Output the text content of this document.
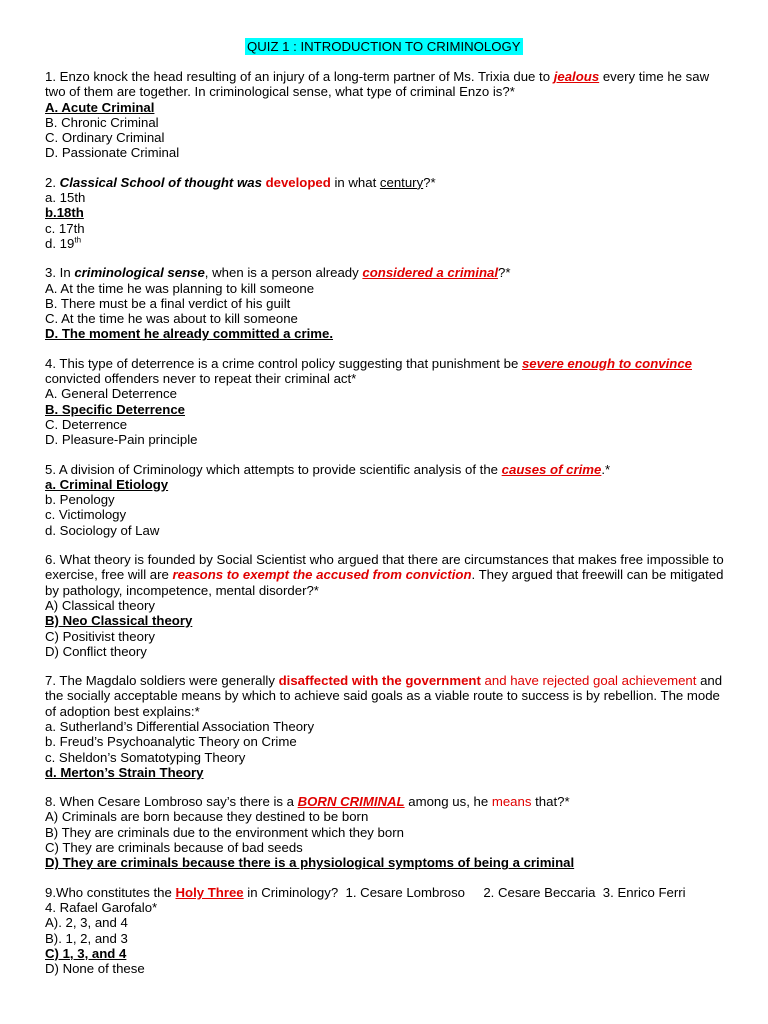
QUIZ 1 : INTRODUCTION TO CRIMINOLOGY

1. Enzo knock the head resulting of an injury of a long-term partner of Ms. Trixia due to jealous every time he saw two of them are together. In criminological sense, what type of criminal Enzo is?*

A. Acute Criminal

B. Chronic Criminal

C. Ordinary Criminal

D. Passionate Criminal

2. Classical School of thought was developed in what century?*

a. 15th

b.18th

c. 17th

d. 19th

3. In criminological sense, when is a person already considered a criminal?*

A. At the time he was planning to kill someone

B. There must be a final verdict of his guilt

C. At the time he was about to kill someone

D. The moment he already committed a crime.

4. This type of deterrence is a crime control policy suggesting that punishment be severe enough to convince convicted offenders never to repeat their criminal act*

A. General Deterrence

B. Specific Deterrence

C. Deterrence

D. Pleasure-Pain principle

5. A division of Criminology which attempts to provide scientific analysis of the causes of crime.*

a. Criminal Etiology

b. Penology

c. Victimology

d. Sociology of Law

6. What theory is founded by Social Scientist who argued that there are circumstances that makes free impossible to exercise, free will are reasons to exempt the accused from conviction. They argued that freewill can be mitigated by pathology, incompetence, mental disorder?*

A) Classical theory

B) Neo Classical theory

C) Positivist theory

D) Conflict theory

7. The Magdalo soldiers were generally disaffected with the government and have rejected goal achievement and the socially acceptable means by which to achieve said goals as a viable route to success is by rebellion. The mode of adoption best explains:*

a. Sutherland’s Differential Association Theory

b. Freud’s Psychoanalytic Theory on Crime

c. Sheldon’s Somatotyping Theory

d. Merton’s Strain Theory

8. When Cesare Lombroso say’s there is a BORN CRIMINAL among us, he means that?*

A) Criminals are born because they destined to be born

B) They are criminals due to the environment which they born

C) They are criminals because of bad seeds

D) They are criminals because there is a physiological symptoms of being a criminal

9.Who constitutes the Holy Three in Criminology?  1. Cesare Lombroso     2. Cesare Beccaria  3. Enrico Ferri             4. Rafael Garofalo*

A). 2, 3, and 4

B). 1, 2, and 3

C) 1, 3, and 4

D) None of these
